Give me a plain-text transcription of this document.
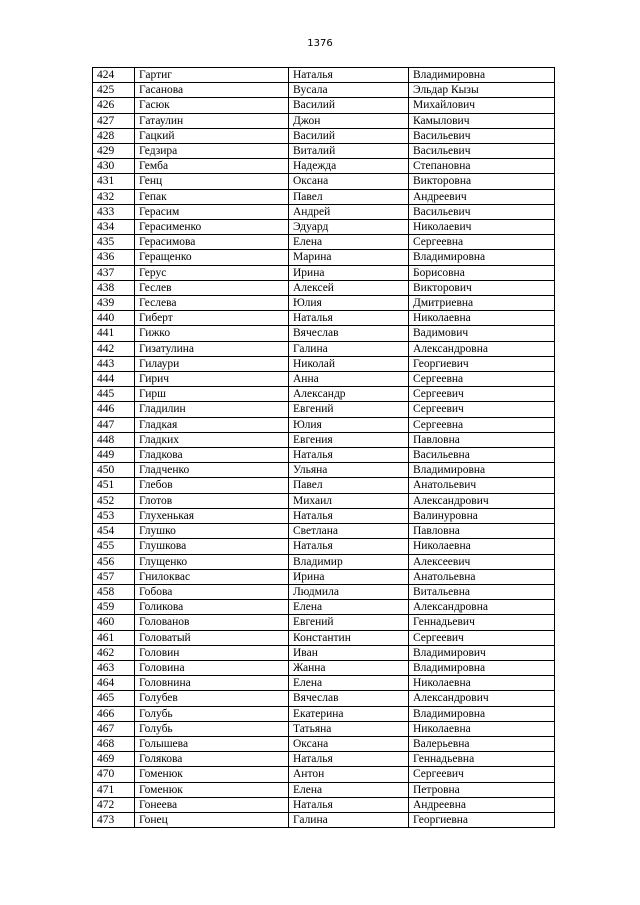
1376
424	Гартиг	Наталья	Владимировна
425	Гасанова	Вусала	Эльдар Кызы
426	Гасюк	Василий	Михайлович
427	Гатаулин	Джон	Камылович
428	Гацкий	Василий	Васильевич
429	Гедзира	Виталий	Васильевич
430	Гемба	Надежда	Степановна
431	Генц	Оксана	Викторовна
432	Гепак	Павел	Андреевич
433	Герасим	Андрей	Васильевич
434	Герасименко	Эдуард	Николаевич
435	Герасимова	Елена	Сергеевна
436	Геращенко	Марина	Владимировна
437	Герус	Ирина	Борисовна
438	Геслев	Алексей	Викторович
439	Геслева	Юлия	Дмитриевна
440	Гиберт	Наталья	Николаевна
441	Гижко	Вячеслав	Вадимович
442	Гизатулина	Галина	Александровна
443	Гилаури	Николай	Георгиевич
444	Гирич	Анна	Сергеевна
445	Гирш	Александр	Сергеевич
446	Гладилин	Евгений	Сергеевич
447	Гладкая	Юлия	Сергеевна
448	Гладких	Евгения	Павловна
449	Гладкова	Наталья	Васильевна
450	Гладченко	Ульяна	Владимировна
451	Глебов	Павел	Анатольевич
452	Глотов	Михаил	Александрович
453	Глухенькая	Наталья	Валинуровна
454	Глушко	Светлана	Павловна
455	Глушкова	Наталья	Николаевна
456	Глущенко	Владимир	Алексеевич
457	Гнилоквас	Ирина	Анатольевна
458	Гобова	Людмила	Витальевна
459	Голикова	Елена	Александровна
460	Голованов	Евгений	Геннадьевич
461	Головатый	Константин	Сергеевич
462	Головин	Иван	Владимирович
463	Головина	Жанна	Владимировна
464	Головнина	Елена	Николаевна
465	Голубев	Вячеслав	Александрович
466	Голубь	Екатерина	Владимировна
467	Голубь	Татьяна	Николаевна
468	Голышева	Оксана	Валерьевна
469	Голякова	Наталья	Геннадьевна
470	Гоменюк	Антон	Сергеевич
471	Гоменюк	Елена	Петровна
472	Гонеева	Наталья	Андреевна
473	Гонец	Галина	Георгиевна
